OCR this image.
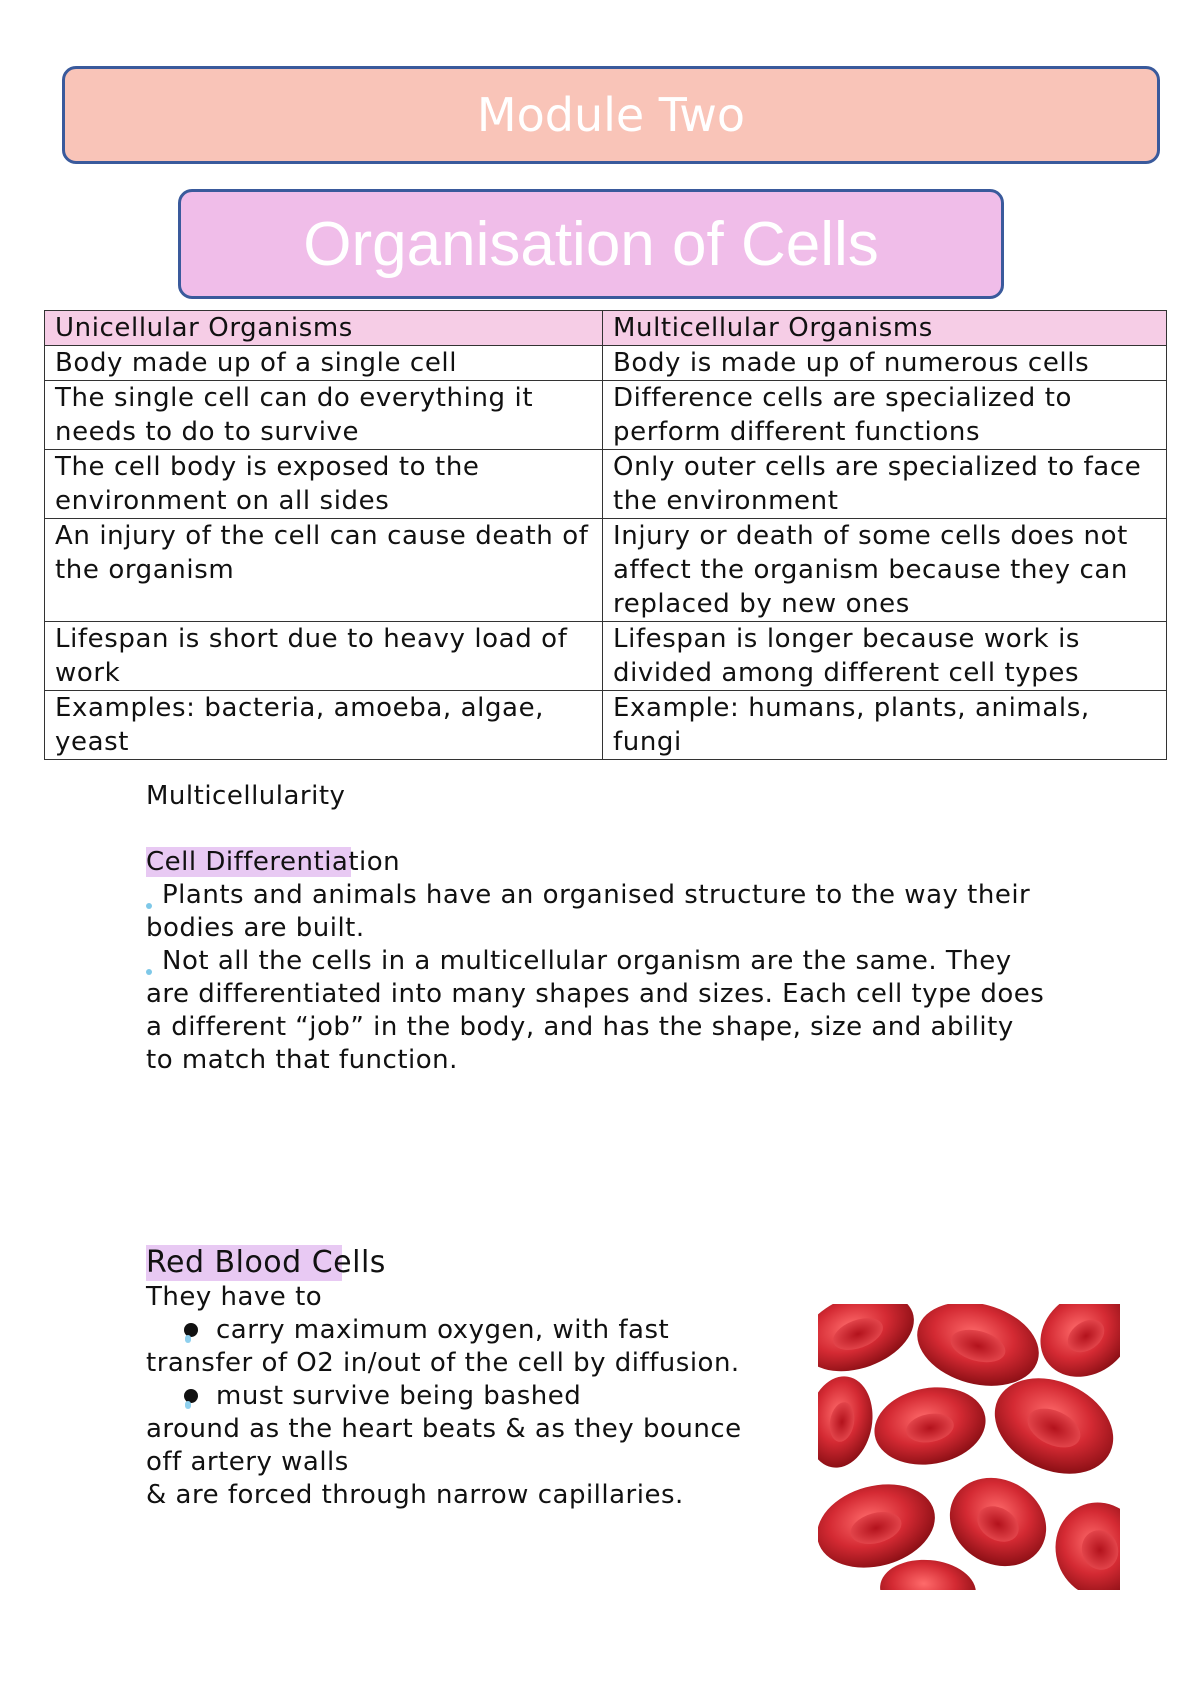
Module Two
Organisation of Cells
Unicellular Organisms	Multicellular Organisms
Body made up of a single cell	Body is made up of numerous cells
The single cell can do everything it needs to do to survive	Difference cells are specialized to perform different functions
The cell body is exposed to the environment on all sides	Only outer cells are specialized to face the environment
An injury of the cell can cause death of the organism	Injury or death of some cells does not affect the organism because they can replaced by new ones
Lifespan is short due to heavy load of work	Lifespan is longer because work is divided among different cell types
Examples: bacteria, amoeba, algae, yeast	Example: humans, plants, animals, fungi

Multicellularity

Cell Differentiation

Plants and animals have an organised structure to the way their bodies are built.

Not all the cells in a multicellular organism are the same. They are differentiated into many shapes and sizes. Each cell type does a different “job” in the body, and has the shape, size and ability to match that function.

Red Blood Cells

They have to

carry maximum oxygen, with fast

transfer of O2 in/out of the cell by diffusion.

must survive being bashed

around as the heart beats & as they bounce off artery walls

& are forced through narrow capillaries.
